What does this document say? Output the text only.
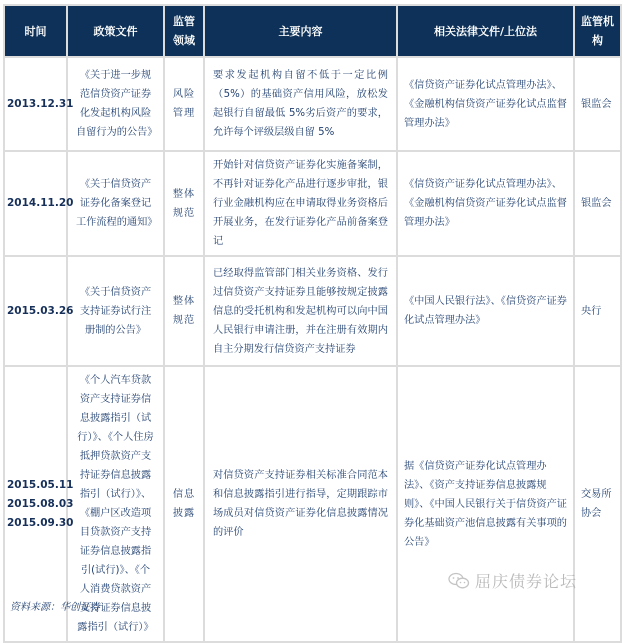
时间	政策文件	监管领域	主要内容	相关法律文件/上位法	监管机构

2013.12.31	《关于进一步规范信贷资产证券化发起机构风险自留行为的公告》	风险管理	要求发起机构自留不低于一定比例（5%）的基础资产信用风险，放松发起银行自留最低 5%劣后资产的要求，允许每个评级层级自留 5%	《信贷资产证券化试点管理办法》、《金融机构信贷资产证券化试点监督管理办法》	银监会

2014.11.20	《关于信贷资产证券化备案登记工作流程的通知》	整体规范	开始针对信贷资产证券化实施备案制，不再针对证券化产品进行逐步审批，银行业金融机构应在申请取得业务资格后开展业务，在发行证券化产品前备案登记	《信贷资产证券化试点管理办法》、《金融机构信贷资产证券化试点监督管理办法》	银监会

2015.03.26	《关于信贷资产支持证券试行注册制的公告》	整体规范	已经取得监管部门相关业务资格、发行过信贷资产支持证券且能够按规定披露信息的受托机构和发起机构可以向中国人民银行申请注册，并在注册有效期内自主分期发行信贷资产支持证券	《中国人民银行法》、《信贷资产证券化试点管理办法》	央行

2015.05.11
2015.08.03
2015.09.30	《个人汽车贷款资产支持证券信息披露指引（试行）》、《个人住房抵押贷款资产支持证券信息披露指引（试行）》、《棚户区改造项目贷款资产支持证券信息披露指引(试行)》、《个人消费贷款资产支持证券信息披露指引（试行）》	信息披露	对信贷资产支持证券相关标准合同范本和信息披露指引进行指导，定期跟踪市场成员对信贷资产证券化信息披露情况的评价	据《信贷资产证券化试点管理办法》、《资产支持证券信息披露规则》、《中国人民银行关于信贷资产证券化基础资产池信息披露有关事项的公告》	交易所协会
屈庆债券论坛
资料来源：华创证券
